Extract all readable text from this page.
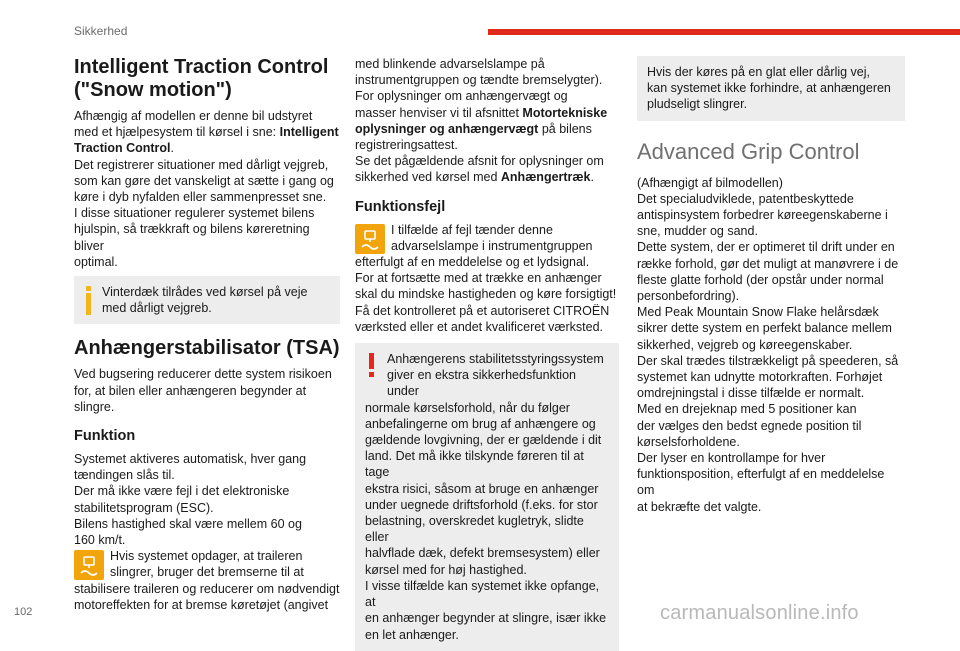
Sikkerhed
Intelligent Traction Control
("Snow motion")

Afhængig af modellen er denne bil udstyret
med et hjælpesystem til kørsel i sne: Intelligent
Traction Control.
Det registrerer situationer med dårligt vejgreb,
som kan gøre det vanskeligt at sætte i gang og
køre i dyb nyfalden eller sammenpresset sne.
I disse situationer regulerer systemet bilens
hjulspin, så trækkraft og bilens køreretning bliver
optimal.

Vinterdæk tilrådes ved kørsel på veje
med dårligt vejgreb.
Anhængerstabilisator (TSA)

Ved bugsering reducerer dette system risikoen
for, at bilen eller anhængeren begynder at
slingre.

Funktion

Systemet aktiveres automatisk, hver gang
tændingen slås til.
Der må ikke være fejl i det elektroniske
stabilitetsprogram (ESC).
Bilens hastighed skal være mellem 60 og
160 km/t.

Hvis systemet opdager, at traileren
slingrer, bruger det bremserne til at
stabilisere traileren og reducerer om nødvendigt
motoreffekten for at bremse køretøjet (angivet

med blinkende advarselslampe på
instrumentgruppen og tændte bremselygter).
For oplysninger om anhængervægt og
masser henviser vi til afsnittet Motortekniske
oplysninger og anhængervægt på bilens
registreringsattest.
Se det pågældende afsnit for oplysninger om
sikkerhed ved kørsel med Anhængertræk.

Funktionsfejl
I tilfælde af fejl tænder denne
advarselslampe i instrumentgruppen
efterfulgt af en meddelelse og et lydsignal.
For at fortsætte med at trække en anhænger
skal du mindske hastigheden og køre forsigtigt!
Få det kontrolleret på et autoriseret CITROËN
værksted eller et andet kvalificeret værksted.
Anhængerens stabilitetsstyringssystem
giver en ekstra sikkerhedsfunktion under
normale kørselsforhold, når du følger
anbefalingerne om brug af anhængere og
gældende lovgivning, der er gældende i dit
land. Det må ikke tilskynde føreren til at tage
ekstra risici, såsom at bruge en anhænger
under uegnede driftsforhold (f.eks. for stor
belastning, overskredet kugletryk, slidte eller
halvflade dæk, defekt bremsesystem) eller
kørsel med for høj hastighed.
I visse tilfælde kan systemet ikke opfange, at
en anhænger begynder at slingre, især ikke
en let anhænger.
Hvis der køres på en glat eller dårlig vej,
kan systemet ikke forhindre, at anhængeren
pludseligt slingrer.
Advanced Grip Control

(Afhængigt af bilmodellen)
Det specialudviklede, patentbeskyttede
antispinsystem forbedrer køreegenskaberne i
sne, mudder og sand.
Dette system, der er optimeret til drift under en
række forhold, gør det muligt at manøvrere i de
fleste glatte forhold (der opstår under normal
personbefordring).
Med Peak Mountain Snow Flake helårsdæk
sikrer dette system en perfekt balance mellem
sikkerhed, vejgreb og køreegenskaber.
Der skal trædes tilstrækkeligt på speederen, så
systemet kan udnytte motorkraften. Forhøjet
omdrejningstal i disse tilfælde er normalt.
Med en drejeknap med 5 positioner kan
der vælges den bedst egnede position til
kørselsforholdene.
Der lyser en kontrollampe for hver
funktionsposition, efterfulgt af en meddelelse om
at bekræfte det valgte.

102	carmanualsonline.info
